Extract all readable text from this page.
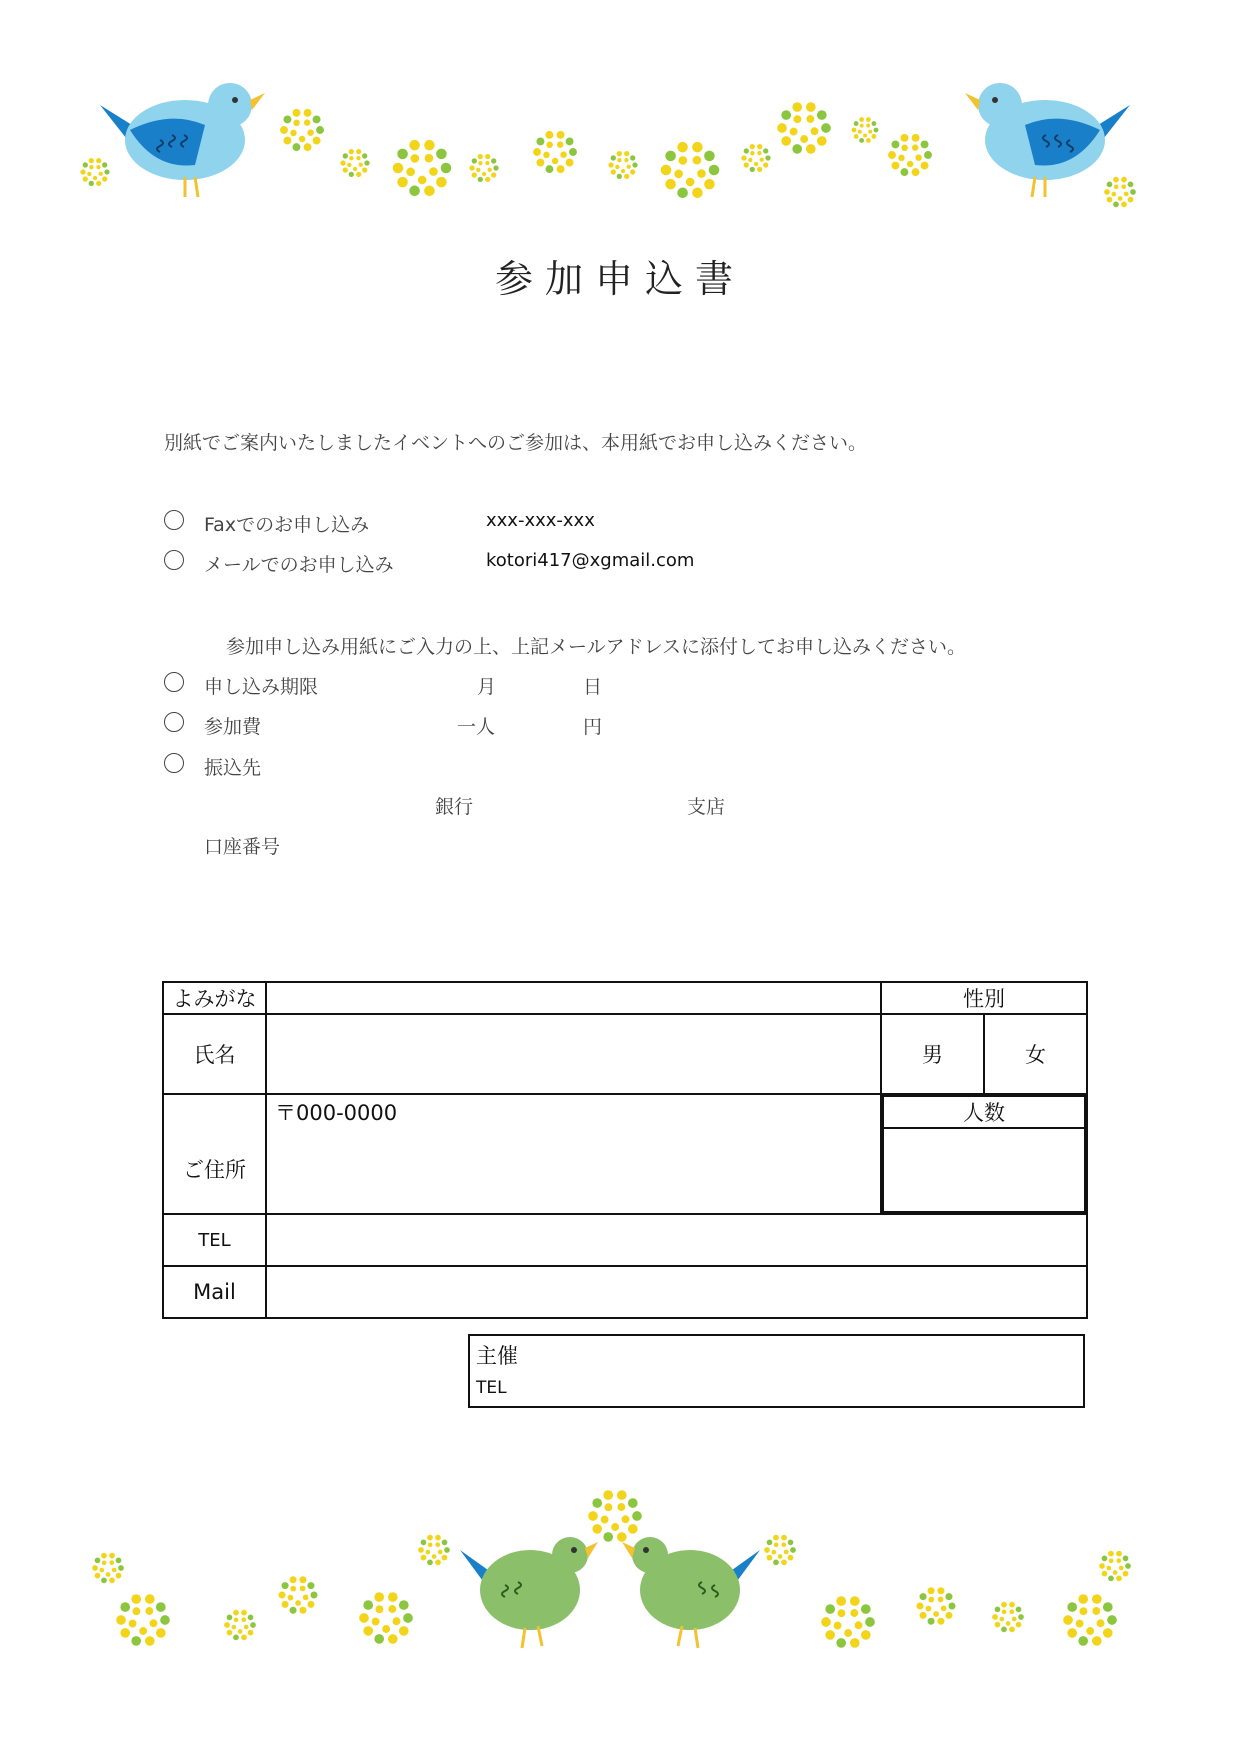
参加申込書
別紙でご案内いたしましたイベントへのご参加は、本用紙でお申し込みください。
Faxでのお申し込み	xxx-xxx-xxx
メールでのお申し込み	kotori417@xgmail.com
参加申し込み用紙にご入力の上、上記メールアドレスに添付してお申し込みください。
申し込み期限	月	日
参加費	一人	円
振込先
銀行	支店
口座番号
よみがな		性別
氏名		男	女
ご住所	〒000-0000		人数

TEL	
Mail	
主催
TEL
